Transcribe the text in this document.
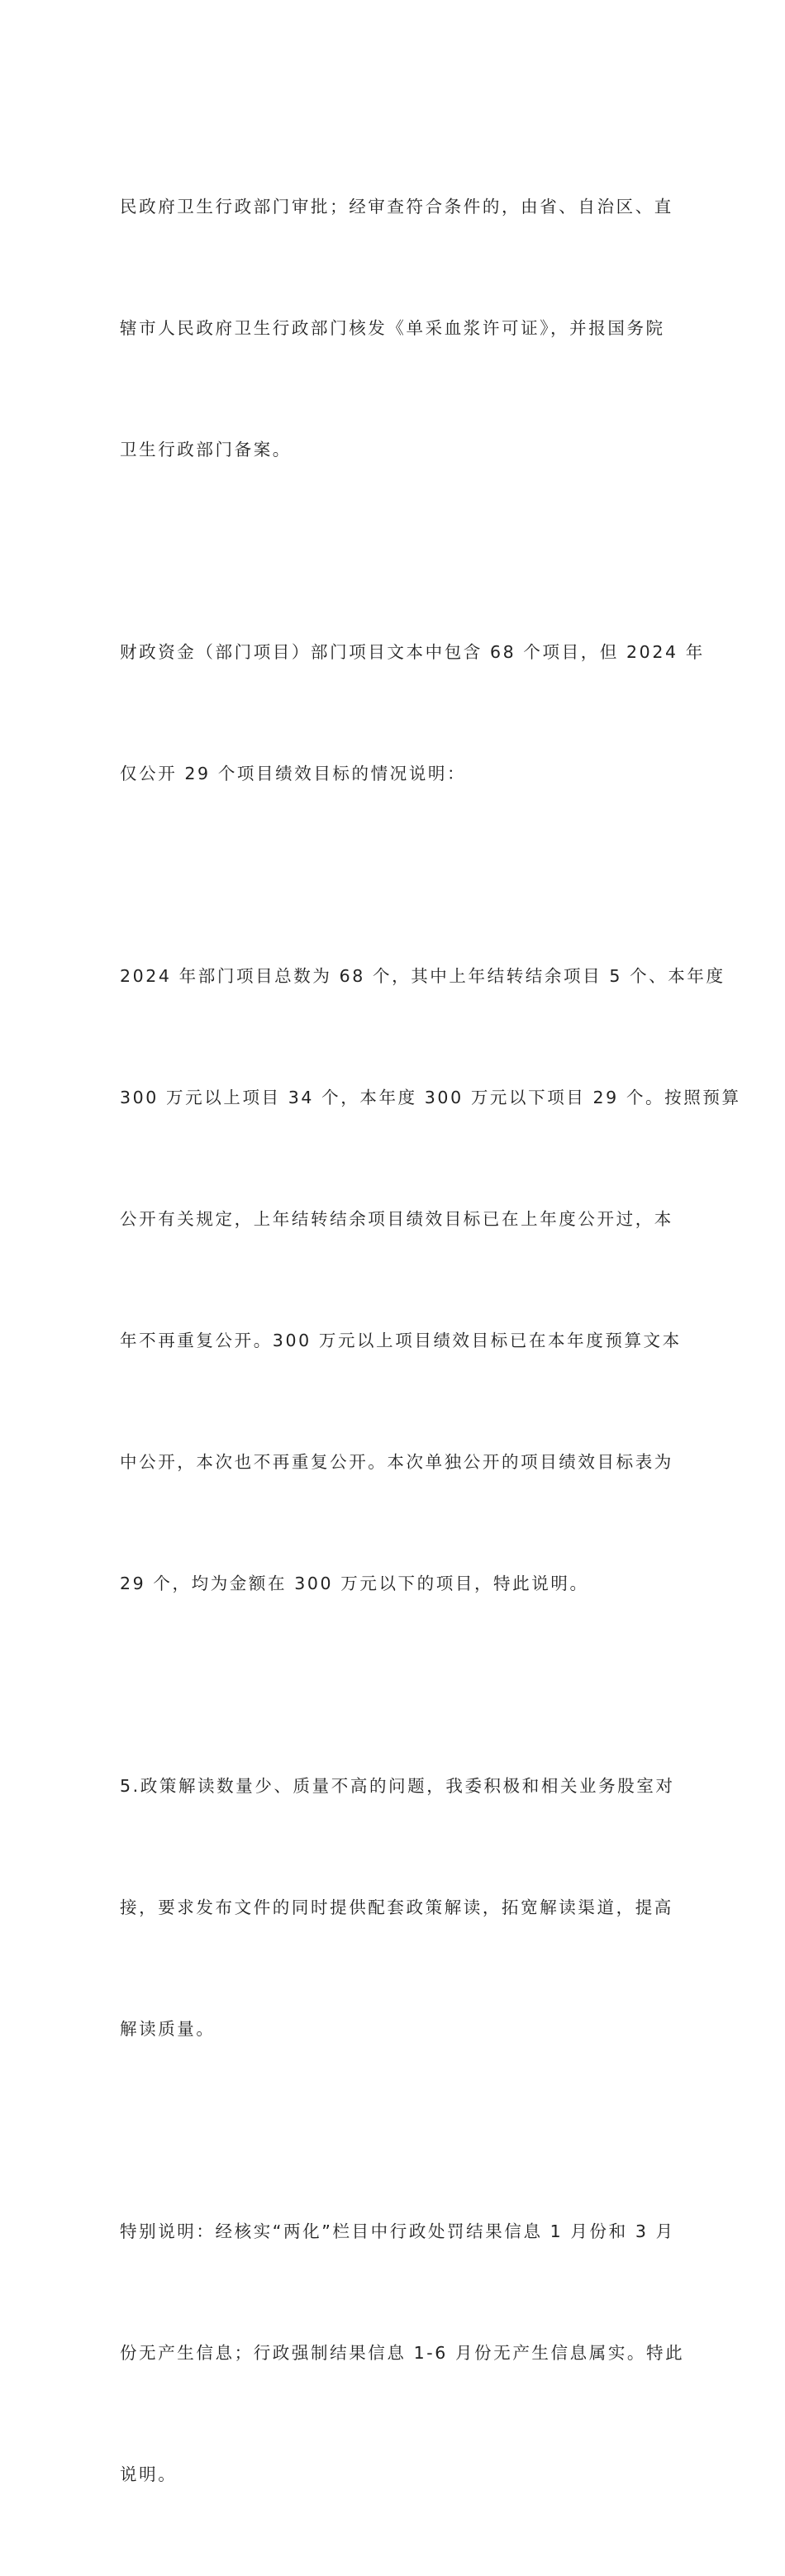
民政府卫生行政部门审批；经审查符合条件的，由省、自治区、直

辖市人民政府卫生行政部门核发《单采血浆许可证》，并报国务院

卫生行政部门备案。

财政资金（部门项目）部门项目文本中包含 68 个项目，但 2024 年

仅公开 29 个项目绩效目标的情况说明：

2024 年部门项目总数为 68 个，其中上年结转结余项目 5 个、本年度

300 万元以上项目 34 个，本年度 300 万元以下项目 29 个。按照预算

公开有关规定，上年结转结余项目绩效目标已在上年度公开过，本

年不再重复公开。300 万元以上项目绩效目标已在本年度预算文本

中公开，本次也不再重复公开。本次单独公开的项目绩效目标表为

29 个，均为金额在 300 万元以下的项目，特此说明。

5.政策解读数量少、质量不高的问题，我委积极和相关业务股室对

接，要求发布文件的同时提供配套政策解读，拓宽解读渠道，提高

解读质量。

特别说明：经核实“两化”栏目中行政处罚结果信息 1 月份和 3 月

份无产生信息；行政强制结果信息 1-6 月份无产生信息属实。特此

说明。
